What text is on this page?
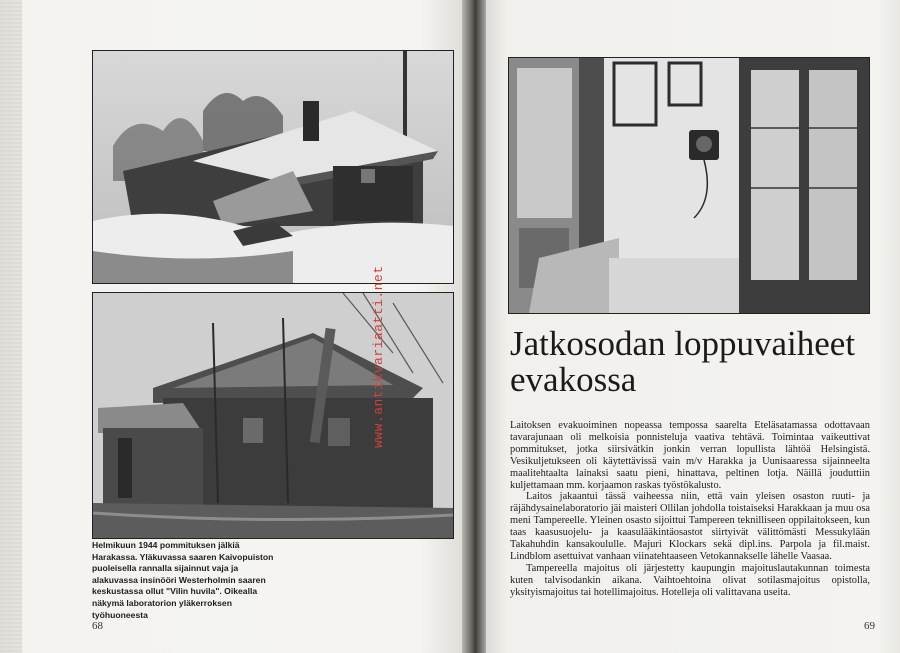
Helmikuun 1944 pommituksen jälkiä Harakassa. Yläkuvassa saaren Kaivopuiston puoleisella rannalla sijainnut vaja ja alakuvassa insinööri Westerholmin saaren keskustassa ollut "Vilin huvila". Oikealla näkymä laboratorion yläkerroksen työhuoneesta
68
www.antikvariaatti.net	Jatkosodan loppuvaiheet
evakossa

Laitoksen evakuoiminen nopeassa tempossa saarelta Eteläsatamassa odottavaan tavarajunaan oli melkoisia ponnisteluja vaativa tehtävä. Toimintaa vaikeuttivat pommitukset, jotka siirsivätkin jonkin verran lopullista lähtöä Helsingistä. Vesikuljetukseen oli käytettävissä vain m/v Harakka ja Uunisaaressa sijainneelta maalitehtaalta lainaksi saatu pieni, hinattava, peltinen lotja. Näillä jouduttiin kuljettamaan mm. korjaamon raskas työstökalusto.

Laitos jakaantui tässä vaiheessa niin, että vain yleisen osaston ruuti- ja räjähdysainelaboratorio jäi maisteri Ollilan johdolla toistaiseksi Harakkaan ja muu osa meni Tampereelle. Yleinen osasto sijoittui Tampereen teknilliseen oppilaitokseen, kun taas kaasusuojelu- ja kaasulääkintäosastot siirtyivät välittömästi Messukylään Takahuhdin kansakoululle. Majuri Klockars sekä dipl.ins. Parpola ja fil.maist. Lindblom asettuivat vanhaan viinatehtaaseen Vetokannakselle lähelle Vaasaa.

Tampereella majoitus oli järjestetty kaupungin majoituslautakunnan toimesta kuten talvisodankin aikana. Vaihtoehtoina olivat sotilasmajoitus opistolla, yksityismajoitus tai hotellimajoitus. Hotelleja oli valittavana useita.

69
